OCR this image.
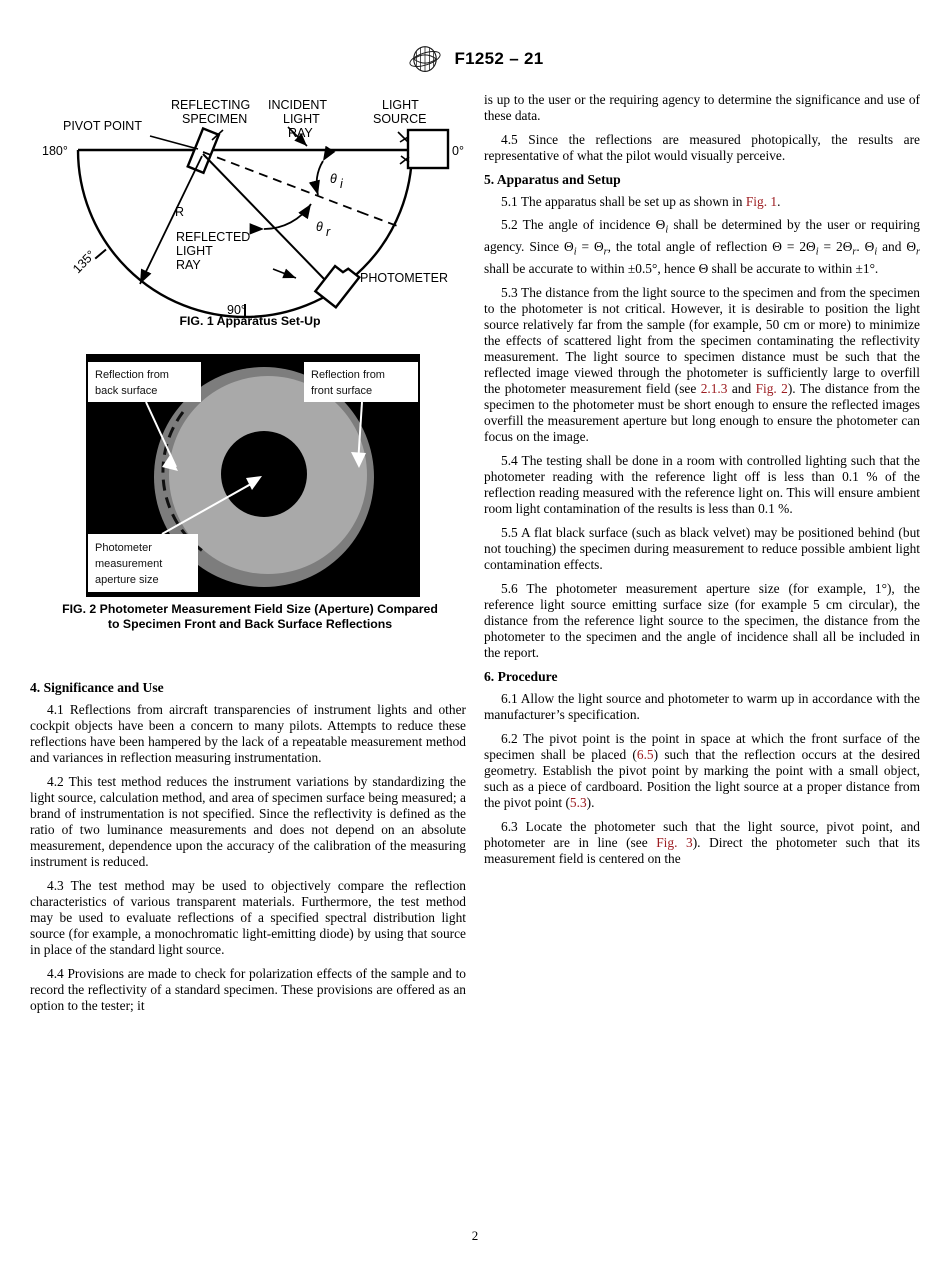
F1252 – 21
180°	0°
PIVOT POINT
REFLECTING
SPECIMEN
INCIDENT
LIGHT
RAY
LIGHT
SOURCE
R
REFLECTED
LIGHT
RAY
PHOTOMETER
90°
135°
θ i
θ r
FIG. 1 Apparatus Set-Up
Reflection from
back surface
Reflection from
front surface
Photometer
measurement
aperture size
FIG. 2 Photometer Measurement Field Size (Aperture) Compared
to Specimen Front and Back Surface Reflections
4. Significance and Use

4.1 Reflections from aircraft transparencies of instrument lights and other cockpit objects have been a concern to many pilots. Attempts to reduce these reflections have been hampered by the lack of a repeatable measurement method and variances in reflection measuring instrumentation.

4.2 This test method reduces the instrument variations by standardizing the light source, calculation method, and area of specimen surface being measured; a brand of instrumentation is not specified. Since the reflectivity is defined as the ratio of two luminance measurements and does not depend on an absolute measurement, dependence upon the accuracy of the calibration of the measuring instrument is reduced.

4.3 The test method may be used to objectively compare the reflection characteristics of various transparent materials. Furthermore, the test method may be used to evaluate reflections of a specified spectral distribution light source (for example, a monochromatic light-emitting diode) by using that source in place of the standard light source.

4.4 Provisions are made to check for polarization effects of the sample and to record the reflectivity of a standard specimen. These provisions are offered as an option to the tester; it

is up to the user or the requiring agency to determine the significance and use of these data.

4.5 Since the reflections are measured photopically, the results are representative of what the pilot would visually perceive.

5. Apparatus and Setup

5.1 The apparatus shall be set up as shown in Fig. 1.

5.2 The angle of incidence $\Theta_i$ shall be determined by the user or requiring agency. Since $\Theta_i = \Theta_r$, the total angle of reflection $\Theta = 2\Theta_i = 2\Theta_r$. $\Theta_i$ and $\Theta_r$ shall be accurate to within ±0.5°, hence Θ shall be accurate to within ±1°.

5.3 The distance from the light source to the specimen and from the specimen to the photometer is not critical. However, it is desirable to position the light source relatively far from the sample (for example, 50 cm or more) to minimize the effects of scattered light from the specimen contaminating the reflectivity measurement. The light source to specimen distance must be such that the reflected image viewed through the photometer is sufficiently large to overfill the photometer measurement field (see 2.1.3 and Fig. 2). The distance from the specimen to the photometer must be short enough to ensure the reflected images overfill the measurement aperture but long enough to ensure the photometer can focus on the image.

5.4 The testing shall be done in a room with controlled lighting such that the photometer reading with the reference light off is less than 0.1 % of the reflection reading measured with the reference light on. This will ensure ambient room light contamination of the results is less than 0.1 %.

5.5 A flat black surface (such as black velvet) may be positioned behind (but not touching) the specimen during measurement to reduce possible ambient light contamination effects.

5.6 The photometer measurement aperture size (for example, 1°), the reference light source emitting surface size (for example 5 cm circular), the distance from the reference light source to the specimen, the distance from the photometer to the specimen and the angle of incidence shall all be included in the report.

6. Procedure

6.1 Allow the light source and photometer to warm up in accordance with the manufacturer’s specification.

6.2 The pivot point is the point in space at which the front surface of the specimen shall be placed (6.5) such that the reflection occurs at the desired geometry. Establish the pivot point by marking the point with a small object, such as a piece of cardboard. Position the light source at a proper distance from the pivot point (5.3).

6.3 Locate the photometer such that the light source, pivot point, and photometer are in line (see Fig. 3). Direct the photometer such that its measurement field is centered on the

2
